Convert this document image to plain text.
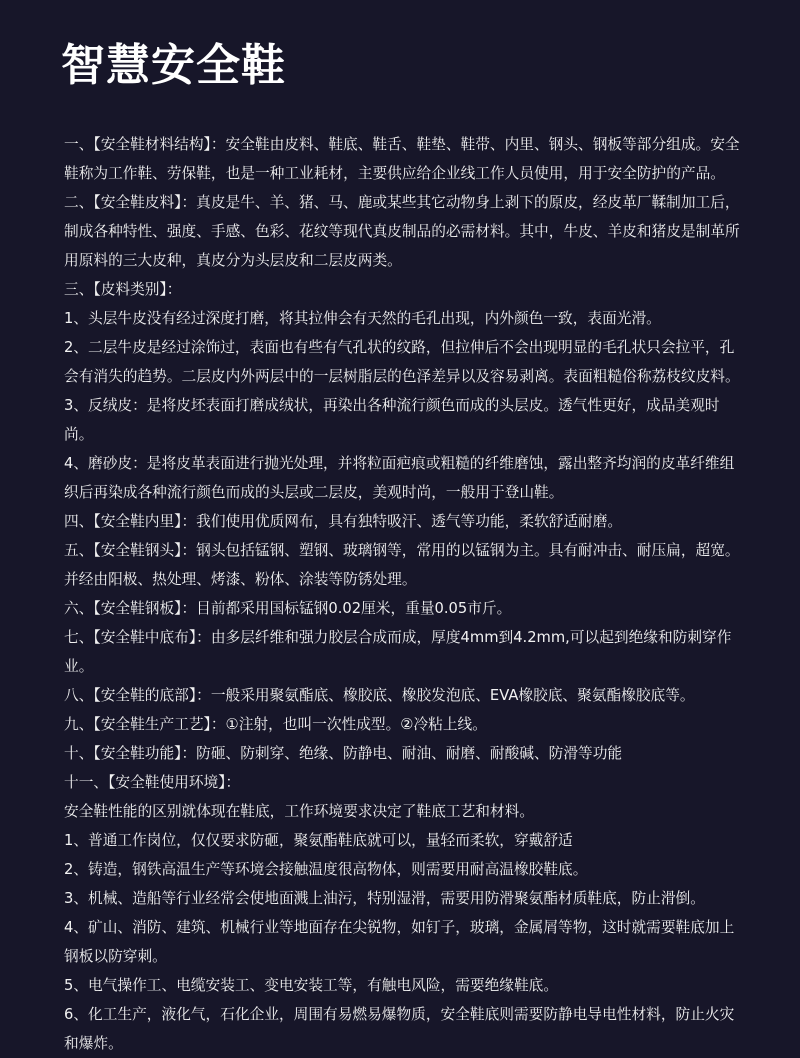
智慧安全鞋

一、【安全鞋材料结构】：安全鞋由皮料、鞋底、鞋舌、鞋垫、鞋带、内里、钢头、钢板等部分组成。安全鞋称为工作鞋、劳保鞋，也是一种工业耗材，主要供应给企业线工作人员使用，用于安全防护的产品。

二、【安全鞋皮料】：真皮是牛、羊、猪、马、鹿或某些其它动物身上剥下的原皮，经皮革厂鞣制加工后，制成各种特性、强度、手感、色彩、花纹等现代真皮制品的必需材料。其中，牛皮、羊皮和猪皮是制革所用原料的三大皮种，真皮分为头层皮和二层皮两类。

三、【皮料类别】：

1、头层牛皮没有经过深度打磨，将其拉伸会有天然的毛孔出现，内外颜色一致，表面光滑。

2、二层牛皮是经过涂饰过，表面也有些有气孔状的纹路，但拉伸后不会出现明显的毛孔状只会拉平，孔会有消失的趋势。二层皮内外两层中的一层树脂层的色泽差异以及容易剥离。表面粗糙俗称荔枝纹皮料。

3、反绒皮：是将皮坯表面打磨成绒状，再染出各种流行颜色而成的头层皮。透气性更好，成品美观时尚。

4、磨砂皮：是将皮革表面进行抛光处理，并将粒面疤痕或粗糙的纤维磨蚀，露出整齐均润的皮革纤维组织后再染成各种流行颜色而成的头层或二层皮，美观时尚，一般用于登山鞋。

四、【安全鞋内里】：我们使用优质网布，具有独特吸汗、透气等功能，柔软舒适耐磨。

五、【安全鞋钢头】：钢头包括锰钢、塑钢、玻璃钢等，常用的以锰钢为主。具有耐冲击、耐压扁，超宽。并经由阳极、热处理、烤漆、粉体、涂装等防锈处理。

六、【安全鞋钢板】：目前都采用国标锰钢0.02厘米，重量0.05市斤。

七、【安全鞋中底布】：由多层纤维和强力胶层合成而成，厚度4mm到4.2mm,可以起到绝缘和防刺穿作业。

八、【安全鞋的底部】：一般采用聚氨酯底、橡胶底、橡胶发泡底、EVA橡胶底、聚氨酯橡胶底等。

九、【安全鞋生产工艺】：①注射，也叫一次性成型。②冷粘上线。

十、【安全鞋功能】：防砸、防刺穿、绝缘、防静电、耐油、耐磨、耐酸碱、防滑等功能

十一、【安全鞋使用环境】：

安全鞋性能的区别就体现在鞋底，工作环境要求决定了鞋底工艺和材料。

1、普通工作岗位，仅仅要求防砸，聚氨酯鞋底就可以，量轻而柔软，穿戴舒适

2、铸造，钢铁高温生产等环境会接触温度很高物体，则需要用耐高温橡胶鞋底。

3、机械、造船等行业经常会使地面溅上油污，特别湿滑，需要用防滑聚氨酯材质鞋底，防止滑倒。

4、矿山、消防、建筑、机械行业等地面存在尖锐物，如钉子，玻璃，金属屑等物，这时就需要鞋底加上钢板以防穿刺。

5、电气操作工、电缆安装工、变电安装工等，有触电风险，需要绝缘鞋底。

6、化工生产，液化气，石化企业，周围有易燃易爆物质，安全鞋底则需要防静电导电性材料，防止火灾和爆炸。
